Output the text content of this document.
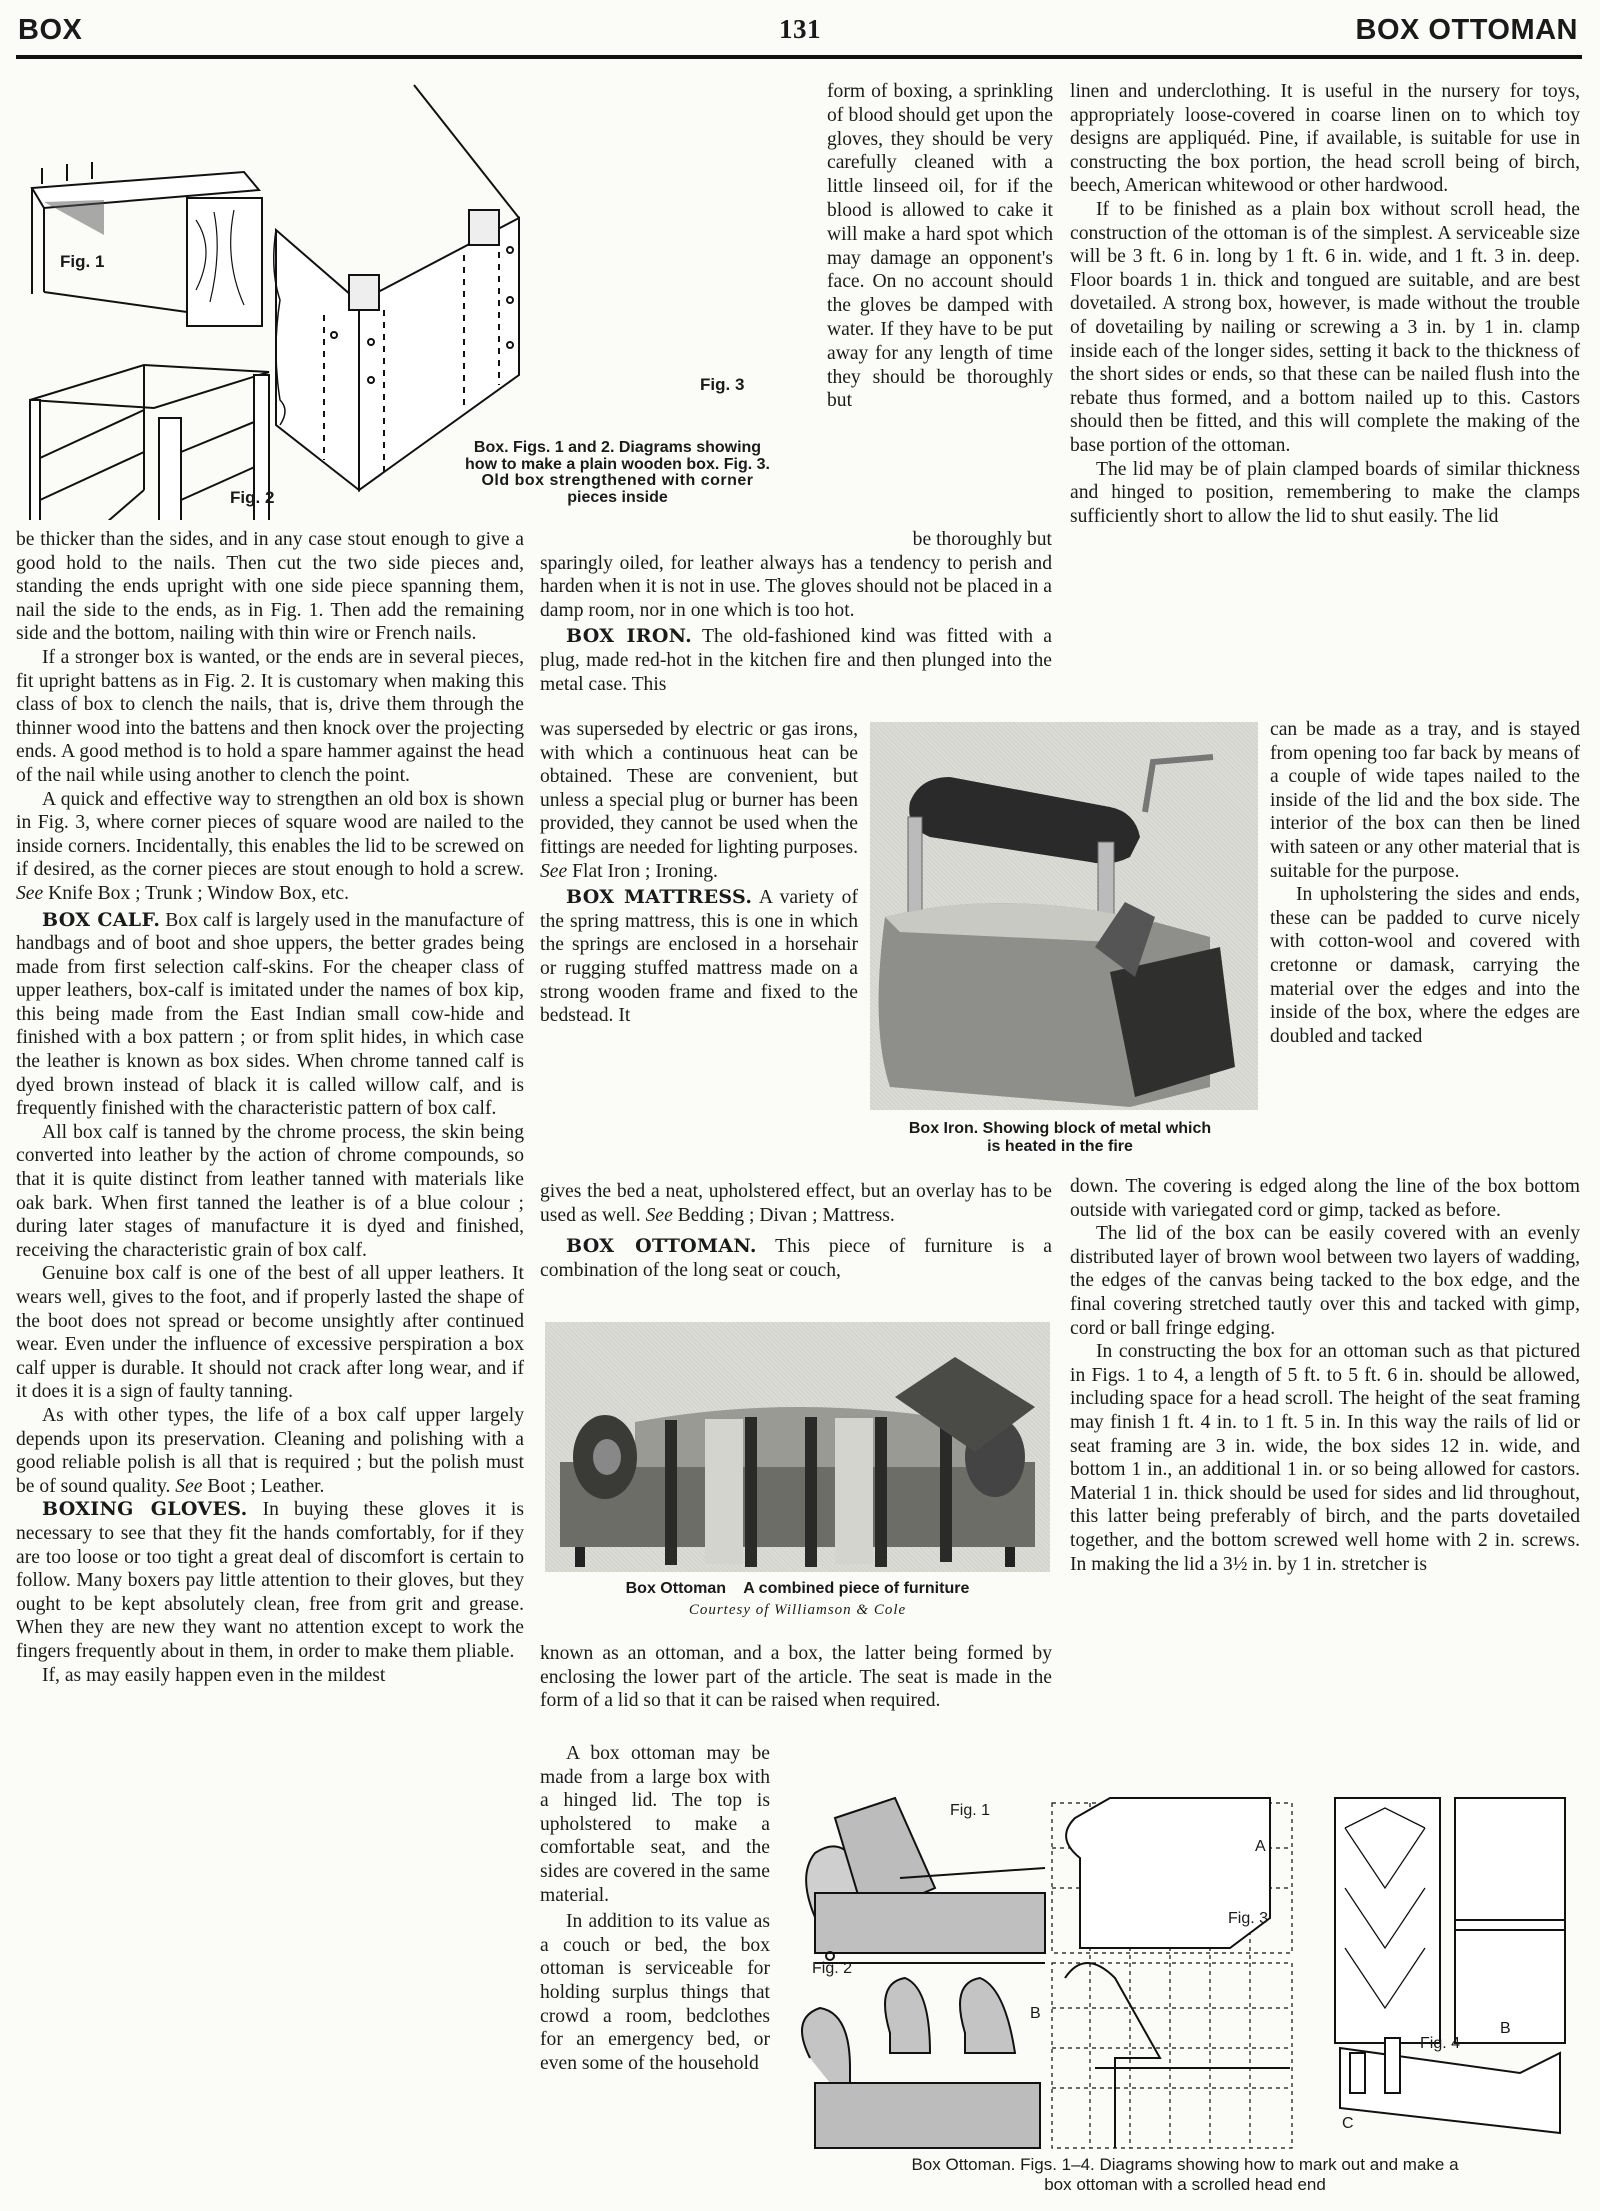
BOX	131	BOX OTTOMAN
Fig. 1
Fig. 2
Fig. 3
Box. Figs. 1 and 2. Diagrams showing
how to make a plain wooden box. Fig. 3.
Old box strengthened with corner
pieces inside

form of boxing, a sprinkling of blood should get upon the gloves, they should be very carefully cleaned with a little linseed oil, for if the blood is allowed to cake it will make a hard spot which may damage an opponent's face. On no account should the gloves be damped with water. If they have to be put away for any length of time they should be thoroughly but

linen and underclothing. It is useful in the nursery for toys, appropriately loose-covered in coarse linen on to which toy designs are appliquéd. Pine, if available, is suitable for use in constructing the box portion, the head scroll being of birch, beech, American whitewood or other hardwood.

If to be finished as a plain box without scroll head, the construction of the ottoman is of the simplest. A serviceable size will be 3 ft. 6 in. long by 1 ft. 6 in. wide, and 1 ft. 3 in. deep. Floor boards 1 in. thick and tongued are suitable, and are best dovetailed. A strong box, however, is made without the trouble of dovetailing by nailing or screwing a 3 in. by 1 in. clamp inside each of the longer sides, setting it back to the thickness of the short sides or ends, so that these can be nailed flush into the rebate thus formed, and a bottom nailed up to this. Castors should then be fitted, and this will complete the making of the base portion of the ottoman.

The lid may be of plain clamped boards of similar thickness and hinged to position, remembering to make the clamps sufficiently short to allow the lid to shut easily. The lid

can be made as a tray, and is stayed from opening too far back by means of a couple of wide tapes nailed to the inside of the lid and the box side. The interior of the box can then be lined with sateen or any other material that is suitable for the purpose.

In upholstering the sides and ends, these can be padded to curve nicely with cotton-wool and covered with cretonne or damask, carrying the material over the edges and into the inside of the box, where the edges are doubled and tacked

down. The covering is edged along the line of the box bottom outside with variegated cord or gimp, tacked as before.

The lid of the box can be easily covered with an evenly distributed layer of brown wool between two layers of wadding, the edges of the canvas being tacked to the box edge, and the final covering stretched tautly over this and tacked with gimp, cord or ball fringe edging.

In constructing the box for an ottoman such as that pictured in Figs. 1 to 4, a length of 5 ft. to 5 ft. 6 in. should be allowed, including space for a head scroll. The height of the seat framing may finish 1 ft. 4 in. to 1 ft. 5 in. In this way the rails of lid or seat framing are 3 in. wide, the box sides 12 in. wide, and bottom 1 in., an additional 1 in. or so being allowed for castors. Material 1 in. thick should be used for sides and lid throughout, this latter being preferably of birch, and the parts dovetailed together, and the bottom screwed well home with 2 in. screws. In making the lid a 3½ in. by 1 in. stretcher is

be thicker than the sides, and in any case stout enough to give a good hold to the nails. Then cut the two side pieces and, standing the ends upright with one side piece spanning them, nail the side to the ends, as in Fig. 1. Then add the remaining side and the bottom, nailing with thin wire or French nails.

If a stronger box is wanted, or the ends are in several pieces, fit upright battens as in Fig. 2. It is customary when making this class of box to clench the nails, that is, drive them through the thinner wood into the battens and then knock over the projecting ends. A good method is to hold a spare hammer against the head of the nail while using another to clench the point.

A quick and effective way to strengthen an old box is shown in Fig. 3, where corner pieces of square wood are nailed to the inside corners. Incidentally, this enables the lid to be screwed on if desired, as the corner pieces are stout enough to hold a screw. See Knife Box ; Trunk ; Window Box, etc.

BOX CALF. Box calf is largely used in the manufacture of handbags and of boot and shoe uppers, the better grades being made from first selection calf-skins. For the cheaper class of upper leathers, box-calf is imitated under the names of box kip, this being made from the East Indian small cow-hide and finished with a box pattern ; or from split hides, in which case the leather is known as box sides. When chrome tanned calf is dyed brown instead of black it is called willow calf, and is frequently finished with the characteristic pattern of box calf.

All box calf is tanned by the chrome process, the skin being converted into leather by the action of chrome compounds, so that it is quite distinct from leather tanned with materials like oak bark. When first tanned the leather is of a blue colour ; during later stages of manufacture it is dyed and finished, receiving the characteristic grain of box calf.

Genuine box calf is one of the best of all upper leathers. It wears well, gives to the foot, and if properly lasted the shape of the boot does not spread or become unsightly after continued wear. Even under the influence of excessive perspiration a box calf upper is durable. It should not crack after long wear, and if it does it is a sign of faulty tanning.

As with other types, the life of a box calf upper largely depends upon its preservation. Cleaning and polishing with a good reliable polish is all that is required ; but the polish must be of sound quality. See Boot ; Leather.

BOXING GLOVES. In buying these gloves it is necessary to see that they fit the hands comfortably, for if they are too loose or too tight a great deal of discomfort is certain to follow. Many boxers pay little attention to their gloves, but they ought to be kept absolutely clean, free from grit and grease. When they are new they want no attention except to work the fingers frequently about in them, in order to make them pliable.

If, as may easily happen even in the mildest

be thoroughly but

sparingly oiled, for leather always has a tendency to perish and harden when it is not in use. The gloves should not be placed in a damp room, nor in one which is too hot.

BOX IRON. The old-fashioned kind was fitted with a plug, made red-hot in the kitchen fire and then plunged into the metal case. This

was superseded by electric or gas irons, with which a continuous heat can be obtained. These are convenient, but unless a special plug or burner has been provided, they cannot be used when the fittings are needed for lighting purposes. See Flat Iron ; Ironing.

BOX MATTRESS. A variety of the spring mattress, this is one in which the springs are enclosed in a horsehair or rugging stuffed mattress made on a strong wooden frame and fixed to the bedstead. It

gives the bed a neat, upholstered effect, but an overlay has to be used as well. See Bedding ; Divan ; Mattress.

BOX OTTOMAN. This piece of furniture is a combination of the long seat or couch,

Box Iron. Showing block of metal which
is heated in the fire
Box Ottoman    A combined piece of furniture
Courtesy of Williamson & Cole

known as an ottoman, and a box, the latter being formed by enclosing the lower part of the article. The seat is made in the form of a lid so that it can be raised when required.

A box ottoman may be made from a large box with a hinged lid. The top is upholstered to make a comfortable seat, and the sides are covered in the same material.

In addition to its value as a couch or bed, the box ottoman is serviceable for holding surplus things that crowd a room, bedclothes for an emergency bed, or even some of the household

Fig. 1
Fig. 2
Fig. 3
Fig. 4
A
B
B
C
Box Ottoman. Figs. 1–4. Diagrams showing how to mark out and make a
box ottoman with a scrolled head end
